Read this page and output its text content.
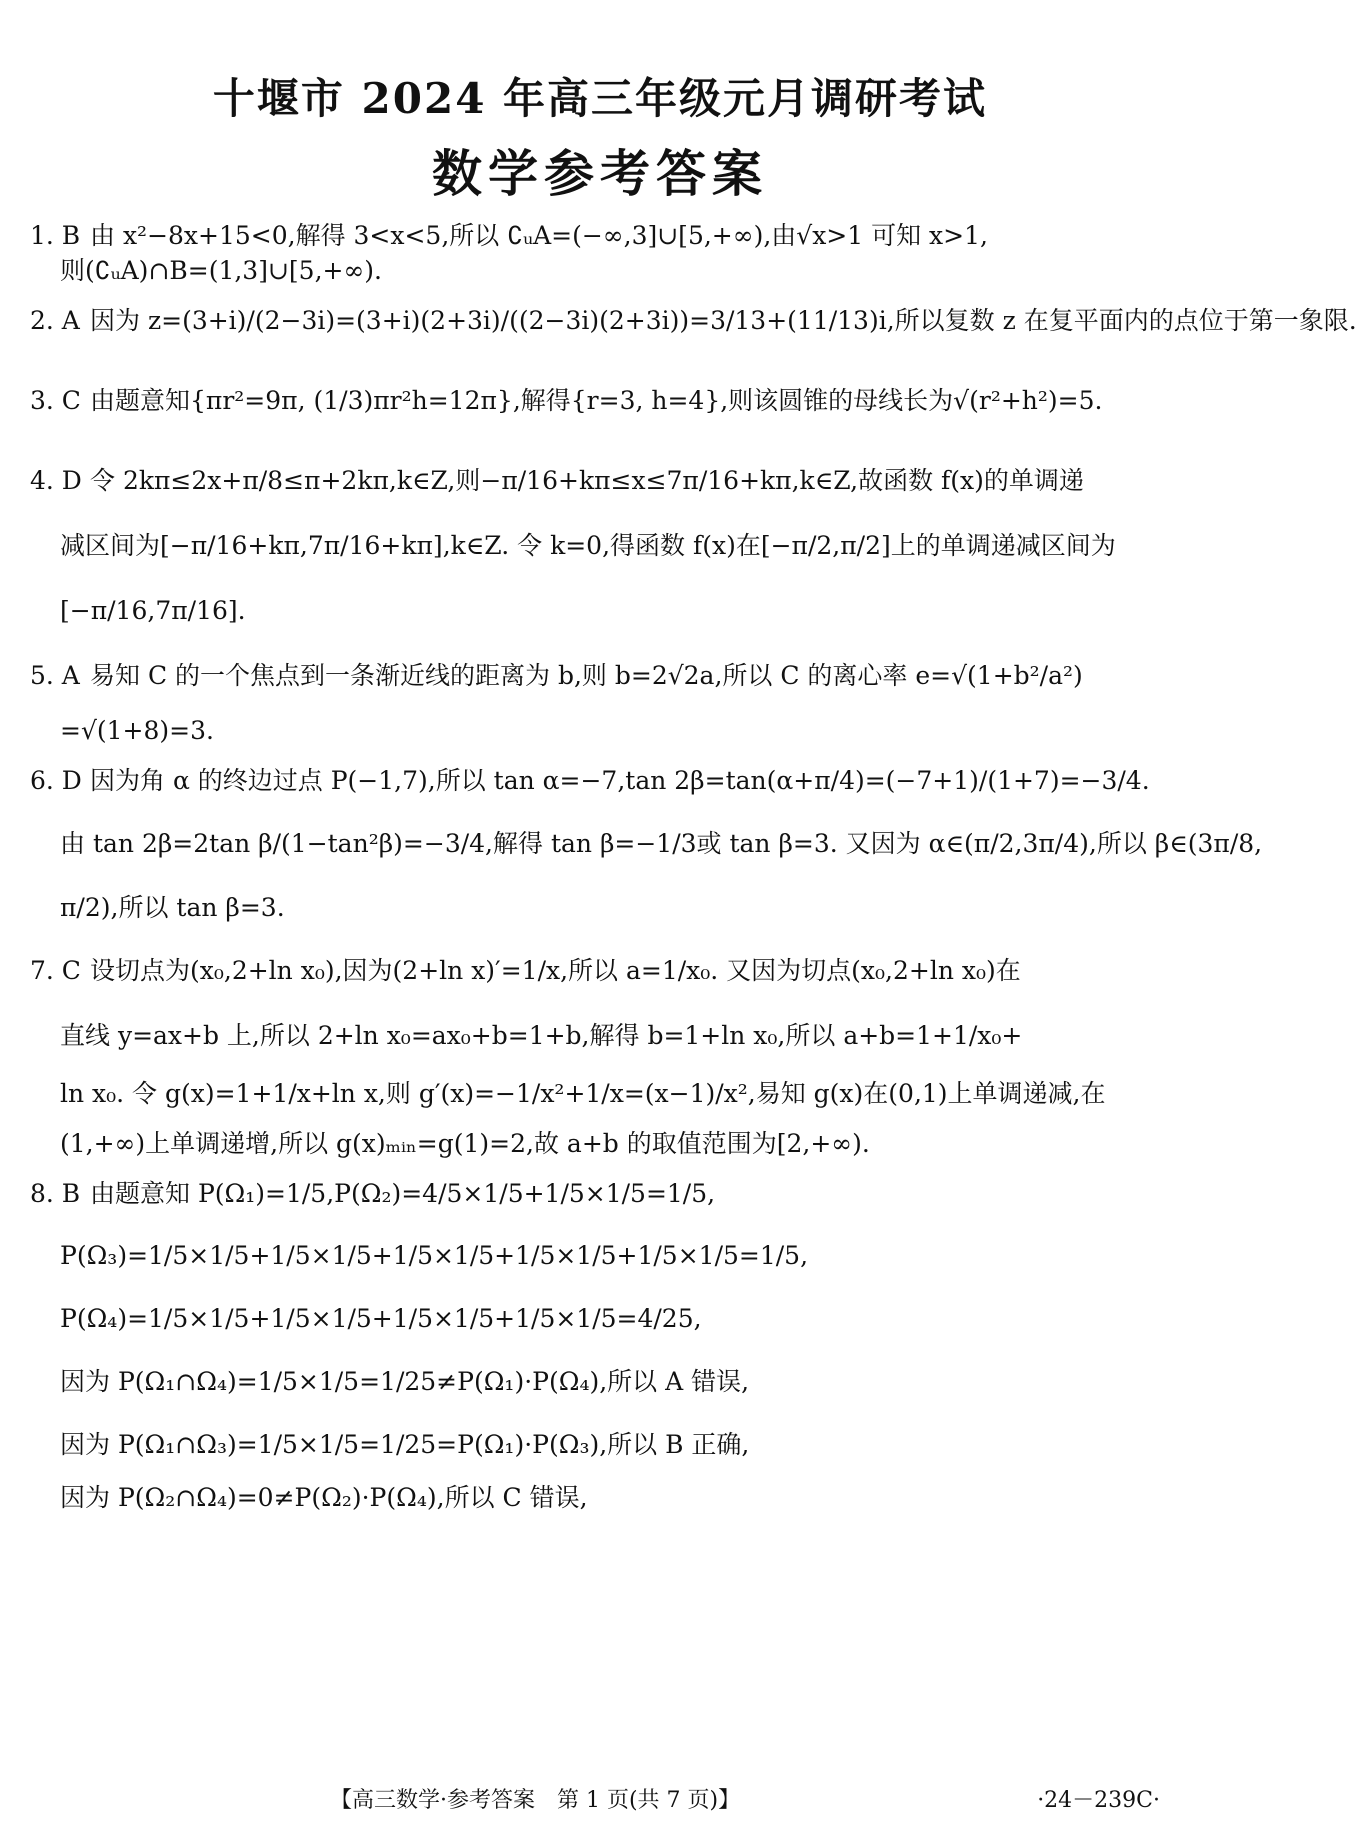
十堰市 2024 年高三年级元月调研考试
数学参考答案
1. B 由 x²−8x+15<0,解得 3<x<5,所以 ∁ᵤA=(−∞,3]∪[5,+∞),由√x>1 可知 x>1,
则(∁ᵤA)∩B=(1,3]∪[5,+∞).
2. A 因为 z=(3+i)/(2−3i)=(3+i)(2+3i)/((2−3i)(2+3i))=3/13+(11/13)i,所以复数 z 在复平面内的点位于第一象限.
3. C 由题意知{πr²=9π, (1/3)πr²h=12π},解得{r=3, h=4},则该圆锥的母线长为√(r²+h²)=5.
4. D 令 2kπ≤2x+π/8≤π+2kπ,k∈Z,则−π/16+kπ≤x≤7π/16+kπ,k∈Z,故函数 f(x)的单调递
减区间为[−π/16+kπ,7π/16+kπ],k∈Z. 令 k=0,得函数 f(x)在[−π/2,π/2]上的单调递减区间为
[−π/16,7π/16].
5. A 易知 C 的一个焦点到一条渐近线的距离为 b,则 b=2√2a,所以 C 的离心率 e=√(1+b²/a²)
=√(1+8)=3.
6. D 因为角 α 的终边过点 P(−1,7),所以 tan α=−7,tan 2β=tan(α+π/4)=(−7+1)/(1+7)=−3/4.
由 tan 2β=2tan β/(1−tan²β)=−3/4,解得 tan β=−1/3或 tan β=3. 又因为 α∈(π/2,3π/4),所以 β∈(3π/8,
π/2),所以 tan β=3.
7. C 设切点为(x₀,2+ln x₀),因为(2+ln x)′=1/x,所以 a=1/x₀. 又因为切点(x₀,2+ln x₀)在
直线 y=ax+b 上,所以 2+ln x₀=ax₀+b=1+b,解得 b=1+ln x₀,所以 a+b=1+1/x₀+
ln x₀. 令 g(x)=1+1/x+ln x,则 g′(x)=−1/x²+1/x=(x−1)/x²,易知 g(x)在(0,1)上单调递减,在
(1,+∞)上单调递增,所以 g(x)ₘᵢₙ=g(1)=2,故 a+b 的取值范围为[2,+∞).
8. B 由题意知 P(Ω₁)=1/5,P(Ω₂)=4/5×1/5+1/5×1/5=1/5,
P(Ω₃)=1/5×1/5+1/5×1/5+1/5×1/5+1/5×1/5+1/5×1/5=1/5,
P(Ω₄)=1/5×1/5+1/5×1/5+1/5×1/5+1/5×1/5=4/25,
因为 P(Ω₁∩Ω₄)=1/5×1/5=1/25≠P(Ω₁)·P(Ω₄),所以 A 错误,
因为 P(Ω₁∩Ω₃)=1/5×1/5=1/25=P(Ω₁)·P(Ω₃),所以 B 正确,
因为 P(Ω₂∩Ω₄)=0≠P(Ω₂)·P(Ω₄),所以 C 错误,
【高三数学·参考答案　第 1 页(共 7 页)】	·24－239C·
